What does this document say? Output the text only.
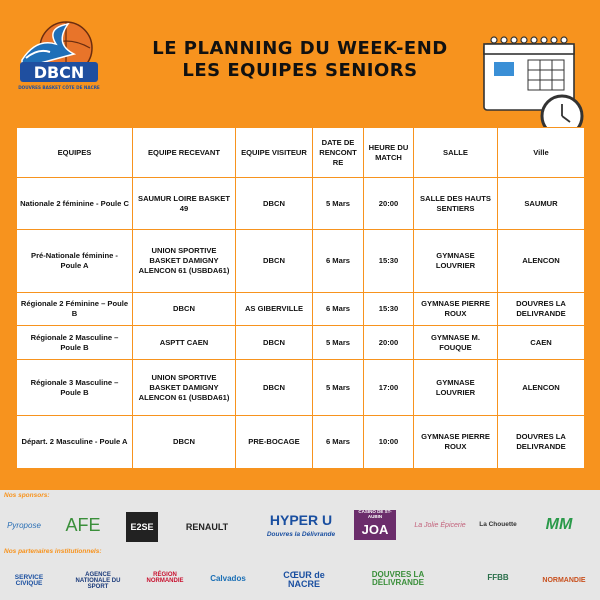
DBCN
DOUVRES BASKET CÔTE DE NACRE
LE PLANNING DU WEEK-END
LES EQUIPES SENIORS
EQUIPES	EQUIPE RECEVANT	EQUIPE VISITEUR	DATE DE RENCONT RE	HEURE DU MATCH	SALLE	Ville
Nationale 2 féminine - Poule C	SAUMUR LOIRE BASKET 49	DBCN	5 Mars	20:00	SALLE DES HAUTS SENTIERS	SAUMUR
Pré-Nationale féminine - Poule A	UNION SPORTIVE BASKET DAMIGNY ALENCON 61 (USBDA61)	DBCN	6 Mars	15:30	GYMNASE LOUVRIER	ALENCON
Régionale 2 Féminine – Poule B	DBCN	AS GIBERVILLE	6 Mars	15:30	GYMNASE PIERRE ROUX	DOUVRES LA DELIVRANDE
Régionale 2 Masculine – Poule B	ASPTT CAEN	DBCN	5 Mars	20:00	GYMNASE M. FOUQUE	CAEN
Régionale 3 Masculine – Poule B	UNION SPORTIVE BASKET DAMIGNY ALENCON 61 (USBDA61)	DBCN	5 Mars	17:00	GYMNASE LOUVRIER	ALENCON
Départ. 2 Masculine - Poule A	DBCN	PRE-BOCAGE	6 Mars	10:00	GYMNASE PIERRE ROUX	DOUVRES LA DELIVRANDE
Nos sponsors:
Pyropose	AFE	E2SE	RENAULT	HYPER U
Douvres la Délivrande
CASINO DE ST-AUBIN
JOA	La Jolie Épicerie	La Chouette	MM
Nos partenaires institutionnels:
SERVICE CIVIQUE
AGENCE NATIONALE DU SPORT
RÉGION NORMANDIE	Calvados	CŒUR de NACRE
DOUVRES LA DÉLIVRANDE
FFBB	NORMANDIE
